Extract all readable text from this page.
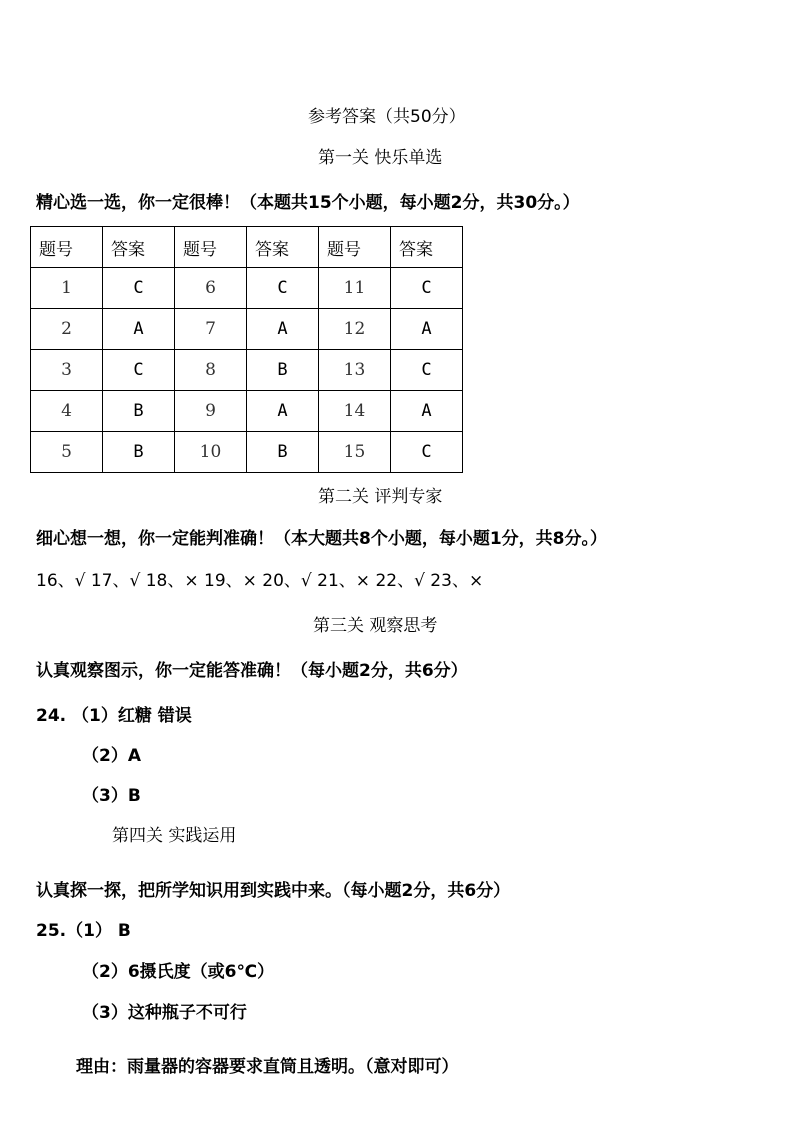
参考答案（共50分）
第一关 快乐单选
精心选一选，你一定很棒！（本题共15个小题，每小题2分，共30分。）
题号	答案	题号	答案	题号	答案
1	C	6	C	11	C
2	A	7	A	12	A
3	C	8	B	13	C
4	B	9	A	14	A
5	B	10	B	15	C
第二关 评判专家
细心想一想，你一定能判准确！（本大题共8个小题，每小题1分，共8分。）
16、√ 17、√ 18、× 19、× 20、√ 21、× 22、√ 23、×
第三关 观察思考
认真观察图示，你一定能答准确！（每小题2分，共6分）
24. （1）红糖 错误
（2）A
（3）B
第四关 实践运用
认真探一探，把所学知识用到实践中来。（每小题2分，共6分）
25.（1） B
（2）6摄氏度（或6℃）
（3）这种瓶子不可行
理由：雨量器的容器要求直筒且透明。（意对即可）
